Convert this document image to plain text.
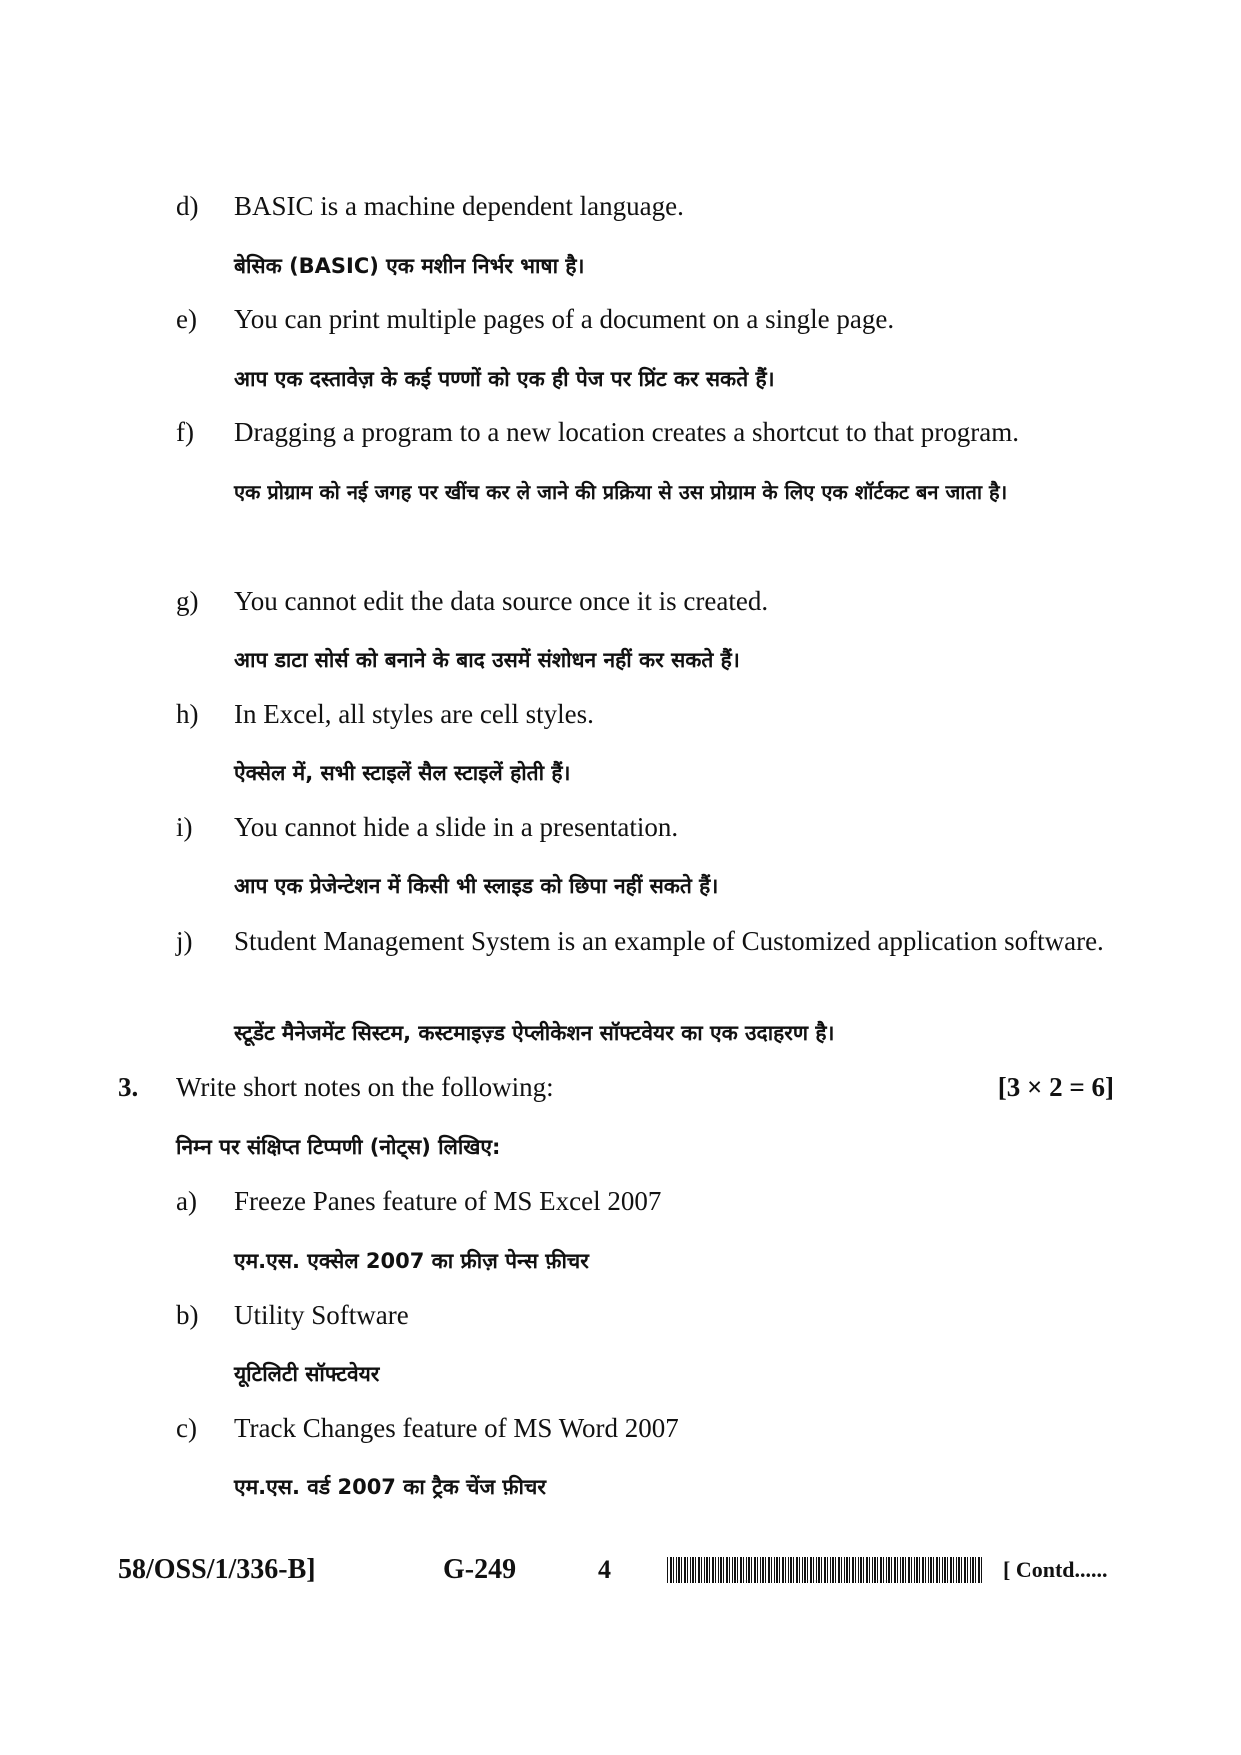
d) BASIC is a machine dependent language.
बेसिक (BASIC) एक मशीन निर्भर भाषा है।
e) You can print multiple pages of a document on a single page.
आप एक दस्तावेज़ के कई पण्णों को एक ही पेज पर प्रिंट कर सकते हैं।
f) Dragging a program to a new location creates a shortcut to that program.
एक प्रोग्राम को नई जगह पर खींच कर ले जाने की प्रक्रिया से उस प्रोग्राम के लिए एक शॉर्टकट बन जाता है।
g) You cannot edit the data source once it is created.
आप डाटा सोर्स को बनाने के बाद उसमें संशोधन नहीं कर सकते हैं।
h) In Excel, all styles are cell styles.
ऐक्सेल में, सभी स्टाइलें सैल स्टाइलें होती हैं।
i) You cannot hide a slide in a presentation.
आप एक प्रेजेन्टेशन में किसी भी स्लाइड को छिपा नहीं सकते हैं।
j) Student Management System is an example of Customized application software.
स्टूडेंट मैनेजमेंट सिस्टम, कस्टमाइज़्ड ऐप्लीकेशन सॉफ्टवेयर का एक उदाहरण है।
3. Write short notes on the following:	[3 × 2 = 6]
निम्न पर संक्षिप्त टिप्पणी (नोट्स) लिखिए:
a) Freeze Panes feature of MS Excel 2007
एम.एस. एक्सेल 2007 का फ्रीज़ पेन्स फ़ीचर
b) Utility Software
यूटिलिटी सॉफ्टवेयर
c) Track Changes feature of MS Word 2007
एम.एस. वर्ड 2007 का ट्रैक चेंज फ़ीचर
58/OSS/1/336-B]	G-249	4	[ Contd......
